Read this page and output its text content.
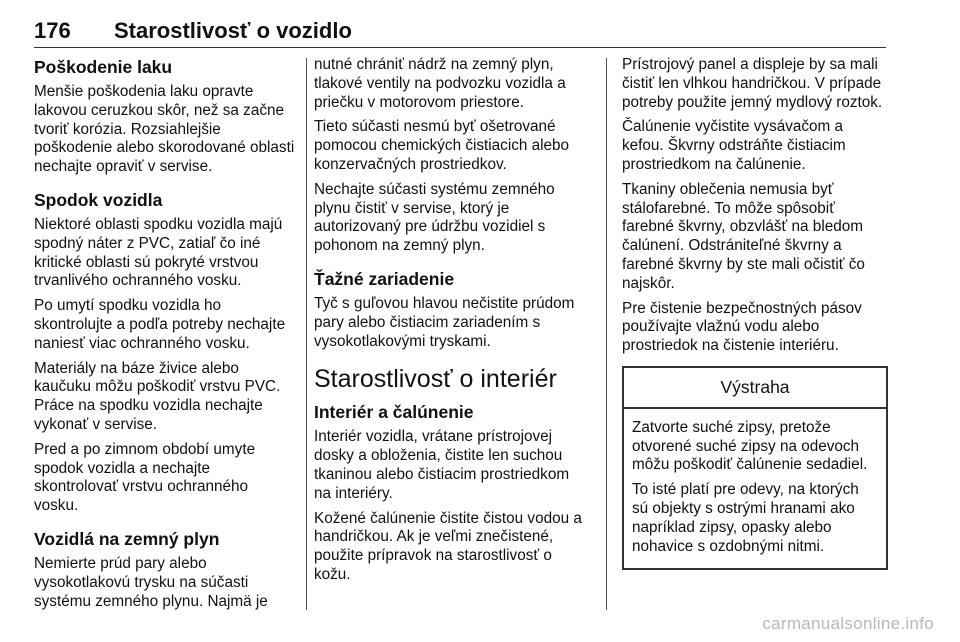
176	Starostlivosť o vozidlo
Poškodenie laku

Menšie poškodenia laku opravte lakovou ceruzkou skôr, než sa začne tvoriť korózia. Rozsiahlejšie poškodenie alebo skorodované oblasti nechajte opraviť v servise.

Spodok vozidla

Niektoré oblasti spodku vozidla majú spodný náter z PVC, zatiaľ čo iné kritické oblasti sú pokryté vrstvou trvanlivého ochranného vosku.

Po umytí spodku vozidla ho skontrolujte a podľa potreby nechajte naniesť viac ochranného vosku.

Materiály na báze živice alebo kaučuku môžu poškodiť vrstvu PVC. Práce na spodku vozidla nechajte vykonať v servise.

Pred a po zimnom období umyte spodok vozidla a nechajte skontrolovať vrstvu ochranného vosku.

Vozidlá na zemný plyn

Nemierte prúd pary alebo vysokotlakovú trysku na súčasti systému zemného plynu. Najmä je

nutné chrániť nádrž na zemný plyn, tlakové ventily na podvozku vozidla a priečku v motorovom priestore.

Tieto súčasti nesmú byť ošetrované pomocou chemických čistiacich alebo konzervačných prostriedkov.

Nechajte súčasti systému zemného plynu čistiť v servise, ktorý je autorizovaný pre údržbu vozidiel s pohonom na zemný plyn.

Ťažné zariadenie

Tyč s guľovou hlavou nečistite prúdom pary alebo čistiacim zariadením s vysokotlakovými tryskami.

Starostlivosť o interiér
Interiér a čalúnenie

Interiér vozidla, vrátane prístrojovej dosky a obloženia, čistite len suchou tkaninou alebo čistiacim prostriedkom na interiéry.

Kožené čalúnenie čistite čistou vodou a handričkou. Ak je veľmi znečistené, použite prípravok na starostlivosť o kožu.

Prístrojový panel a displeje by sa mali čistiť len vlhkou handričkou. V prípade potreby použite jemný mydlový roztok.

Čalúnenie vyčistite vysávačom a kefou. Škvrny odstráňte čistiacim prostriedkom na čalúnenie.

Tkaniny oblečenia nemusia byť stálofarebné. To môže spôsobiť farebné škvrny, obzvlášť na bledom čalúnení. Odstrániteľné škvrny a farebné škvrny by ste mali očistiť čo najskôr.

Pre čistenie bezpečnostných pásov používajte vlažnú vodu alebo prostriedok na čistenie interiéru.

Výstraha

Zatvorte suché zipsy, pretože otvorené suché zipsy na odevoch môžu poškodiť čalúnenie sedadiel.

To isté platí pre odevy, na ktorých sú objekty s ostrými hranami ako napríklad zipsy, opasky alebo nohavice s ozdobnými nitmi.

carmanualsonline.info
